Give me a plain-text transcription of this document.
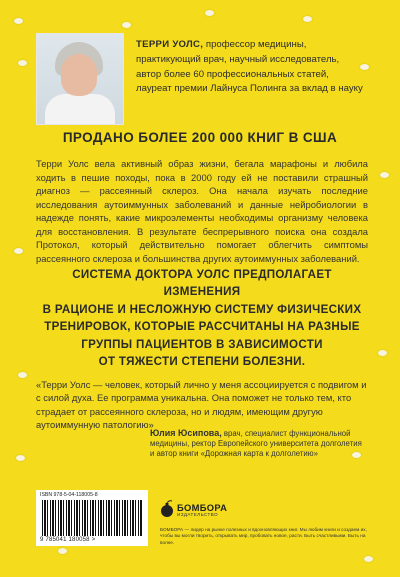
ТЕРРИ УОЛС, профессор медицины,
практикующий врач, научный исследователь,
автор более 60 профессиональных статей,
лауреат премии Лайнуса Полинга за вклад в науку
ПРОДАНО БОЛЕЕ 200 000 КНИГ В США
Терри Уолс вела активный образ жизни, бегала марафоны и любила ходить в пешие походы, пока в 2000 году ей не поставили страшный диагноз — рассеянный склероз. Она начала изучать последние исследования аутоиммунных заболеваний и данные нейробиологии в надежде понять, какие микроэлементы необходимы организму человека для восстановления. В результате беспрерывного поиска она создала Протокол, который действительно помогает облегчить симптомы рассеянного склероза и большинства других аутоиммунных заболеваний.
СИСТЕМА ДОКТОРА УОЛС ПРЕДПОЛАГАЕТ ИЗМЕНЕНИЯ
В РАЦИОНЕ И НЕСЛОЖНУЮ СИСТЕМУ ФИЗИЧЕСКИХ
ТРЕНИРОВОК, КОТОРЫЕ РАССЧИТАНЫ НА РАЗНЫЕ
ГРУППЫ ПАЦИЕНТОВ В ЗАВИСИМОСТИ
ОТ ТЯЖЕСТИ СТЕПЕНИ БОЛЕЗНИ.
«Терри Уолс — человек, который лично у меня ассоциируется с подвигом и с силой духа. Ее программа уникальна. Она поможет не только тем, кто страдает от рассеянного склероза, но и людям, имеющим другую аутоиммунную патологию»
Юлия Юсипова, врач, специалист функциональной
медицины, ректор Европейского университета долголетия
и автор книги «Дорожная карта к долголетию»
ISBN 978-5-04-118005-8
9 785041 180058 >
БОМБОРА
ИЗДАТЕЛЬСТВО
БОМБОРА — лидер на рынке полезных и вдохновляющих книг. Мы любим книги и создаем их, чтобы вы могли творить, открывать мир, пробовать новое, расти. Быть счастливыми. Быть на волне.
